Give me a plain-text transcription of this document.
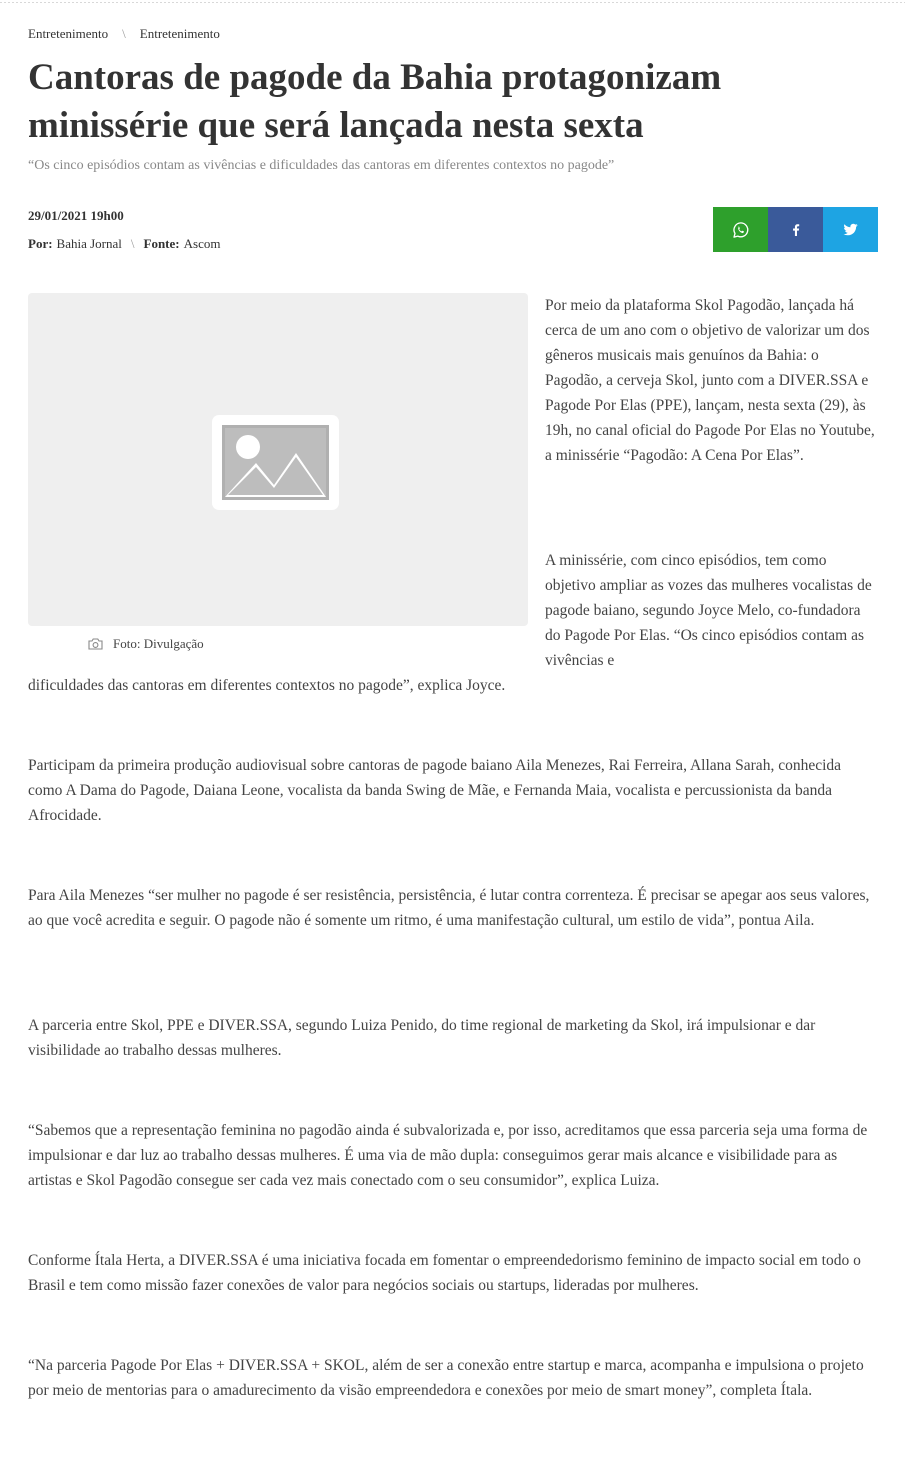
Entretenimento \ Entretenimento
Cantoras de pagode da Bahia protagonizam minissérie que será lançada nesta sexta

“Os cinco episódios contam as vivências e dificuldades das cantoras em diferentes contextos no pagode”

29/01/2021 19h00
Por: Bahia Jornal \ Fonte: Ascom
Foto: Divulgação

Por meio da plataforma Skol Pagodão, lançada há cerca de um ano com o objetivo de valorizar um dos gêneros musicais mais genuínos da Bahia: o Pagodão, a cerveja Skol, junto com a DIVER.SSA e Pagode Por Elas (PPE), lançam, nesta sexta (29), às 19h, no canal oficial do Pagode Por Elas no Youtube, a minissérie “Pagodão: A Cena Por Elas”.

A minissérie, com cinco episódios, tem como objetivo ampliar as vozes das mulheres vocalistas de pagode baiano, segundo Joyce Melo, co-fundadora do Pagode Por Elas. “Os cinco episódios contam as vivências e

dificuldades das cantoras em diferentes contextos no pagode”, explica Joyce.

Participam da primeira produção audiovisual sobre cantoras de pagode baiano Aila Menezes, Rai Ferreira, Allana Sarah, conhecida como A Dama do Pagode, Daiana Leone, vocalista da banda Swing de Mãe, e Fernanda Maia, vocalista e percussionista da banda Afrocidade.

Para Aila Menezes “ser mulher no pagode é ser resistência, persistência, é lutar contra correnteza. É precisar se apegar aos seus valores, ao que você acredita e seguir. O pagode não é somente um ritmo, é uma manifestação cultural, um estilo de vida”, pontua Aila.

A parceria entre Skol, PPE e DIVER.SSA, segundo Luiza Penido, do time regional de marketing da Skol, irá impulsionar e dar visibilidade ao trabalho dessas mulheres.

“Sabemos que a representação feminina no pagodão ainda é subvalorizada e, por isso, acreditamos que essa parceria seja uma forma de impulsionar e dar luz ao trabalho dessas mulheres. É uma via de mão dupla: conseguimos gerar mais alcance e visibilidade para as artistas e Skol Pagodão consegue ser cada vez mais conectado com o seu consumidor”, explica Luiza.

Conforme Ítala Herta, a DIVER.SSA é uma iniciativa focada em fomentar o empreendedorismo feminino de impacto social em todo o Brasil e tem como missão fazer conexões de valor para negócios sociais ou startups, lideradas por mulheres.

“Na parceria Pagode Por Elas + DIVER.SSA + SKOL, além de ser a conexão entre startup e marca, acompanha e impulsiona o projeto por meio de mentorias para o amadurecimento da visão empreendedora e conexões por meio de smart money”, completa Ítala.
